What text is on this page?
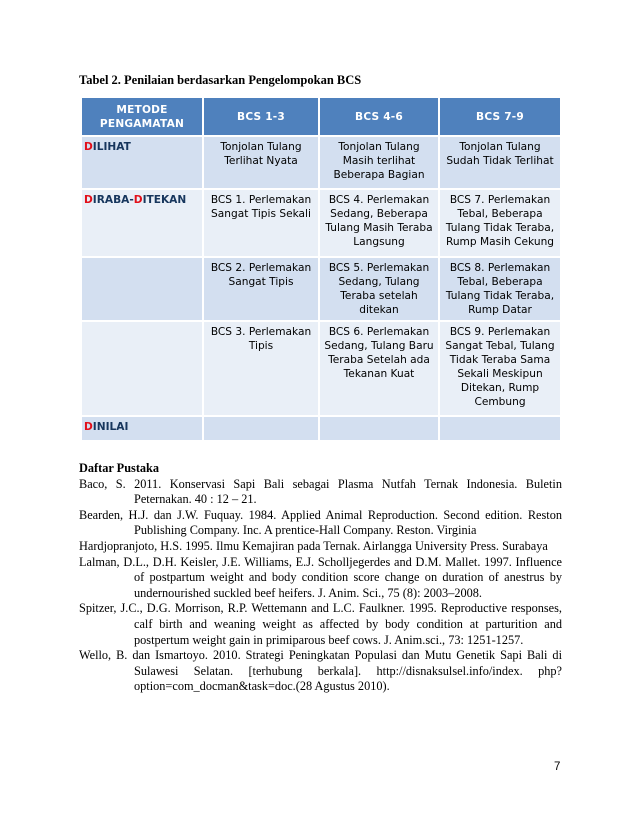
Tabel 2. Penilaian berdasarkan Pengelompokan BCS
METODE PENGAMATAN	BCS 1-3	BCS 4-6	BCS 7-9
DILIHAT	Tonjolan Tulang Terlihat Nyata	Tonjolan Tulang Masih terlihat Beberapa Bagian	Tonjolan Tulang Sudah Tidak Terlihat
DIRABA-DITEKAN	BCS 1. Perlemakan Sangat Tipis Sekali	BCS 4. Perlemakan Sedang, Beberapa Tulang Masih Teraba Langsung	BCS 7. Perlemakan Tebal, Beberapa Tulang Tidak Teraba, Rump Masih Cekung
	BCS 2. Perlemakan Sangat Tipis	BCS 5. Perlemakan Sedang, Tulang Teraba setelah ditekan	BCS 8. Perlemakan Tebal, Beberapa Tulang Tidak Teraba, Rump Datar
	BCS 3. Perlemakan Tipis	BCS 6. Perlemakan Sedang, Tulang Baru Teraba Setelah ada Tekanan Kuat	BCS 9. Perlemakan Sangat Tebal, Tulang Tidak Teraba Sama Sekali Meskipun Ditekan, Rump Cembung
DINILAI			
Daftar Pustaka
Baco, S. 2011. Konservasi Sapi Bali sebagai Plasma Nutfah Ternak Indonesia. Buletin Peternakan. 40 : 12 – 21.
Bearden, H.J. dan J.W. Fuquay. 1984. Applied Animal Reproduction. Second edition. Reston Publishing Company. Inc. A prentice-Hall Company. Reston. Virginia
Hardjopranjoto, H.S. 1995. Ilmu Kemajiran pada Ternak. Airlangga University Press. Surabaya
Lalman, D.L., D.H. Keisler, J.E. Williams, E.J. Scholljegerdes and D.M. Mallet. 1997. Influence of postpartum weight and body condition score change on duration of anestrus by undernourished suckled beef heifers. J. Anim. Sci., 75 (8): 2003–2008.
Spitzer, J.C., D.G. Morrison, R.P. Wettemann and L.C. Faulkner. 1995. Reproductive responses, calf birth and weaning weight as affected by body condition at parturition and postpertum weight gain in primiparous beef cows. J. Anim.sci., 73: 1251-1257.
Wello, B. dan Ismartoyo. 2010. Strategi Peningkatan Populasi dan Mutu Genetik Sapi Bali di Sulawesi Selatan. [terhubung berkala]. http://disnaksulsel.info/index. php?option=com_docman&task=doc.(28 Agustus 2010).
7
